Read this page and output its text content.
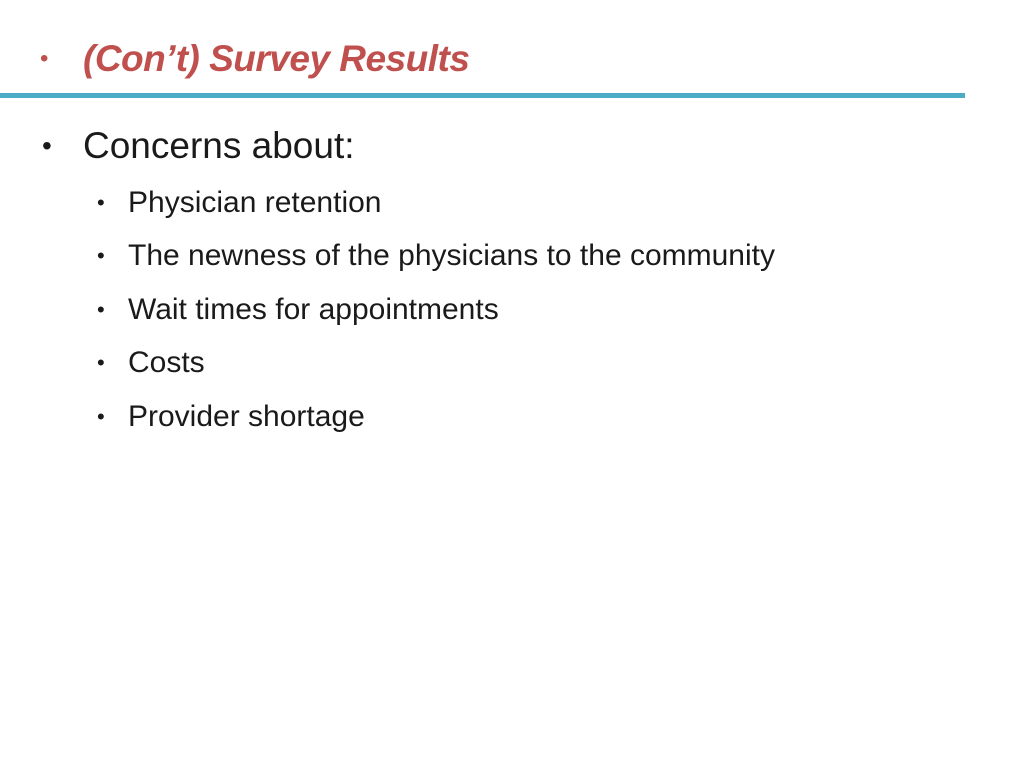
• (Con’t) Survey Results
• Concerns about:
• Physician retention
• The newness of the physicians to the community
• Wait times for appointments
• Costs
• Provider shortage
